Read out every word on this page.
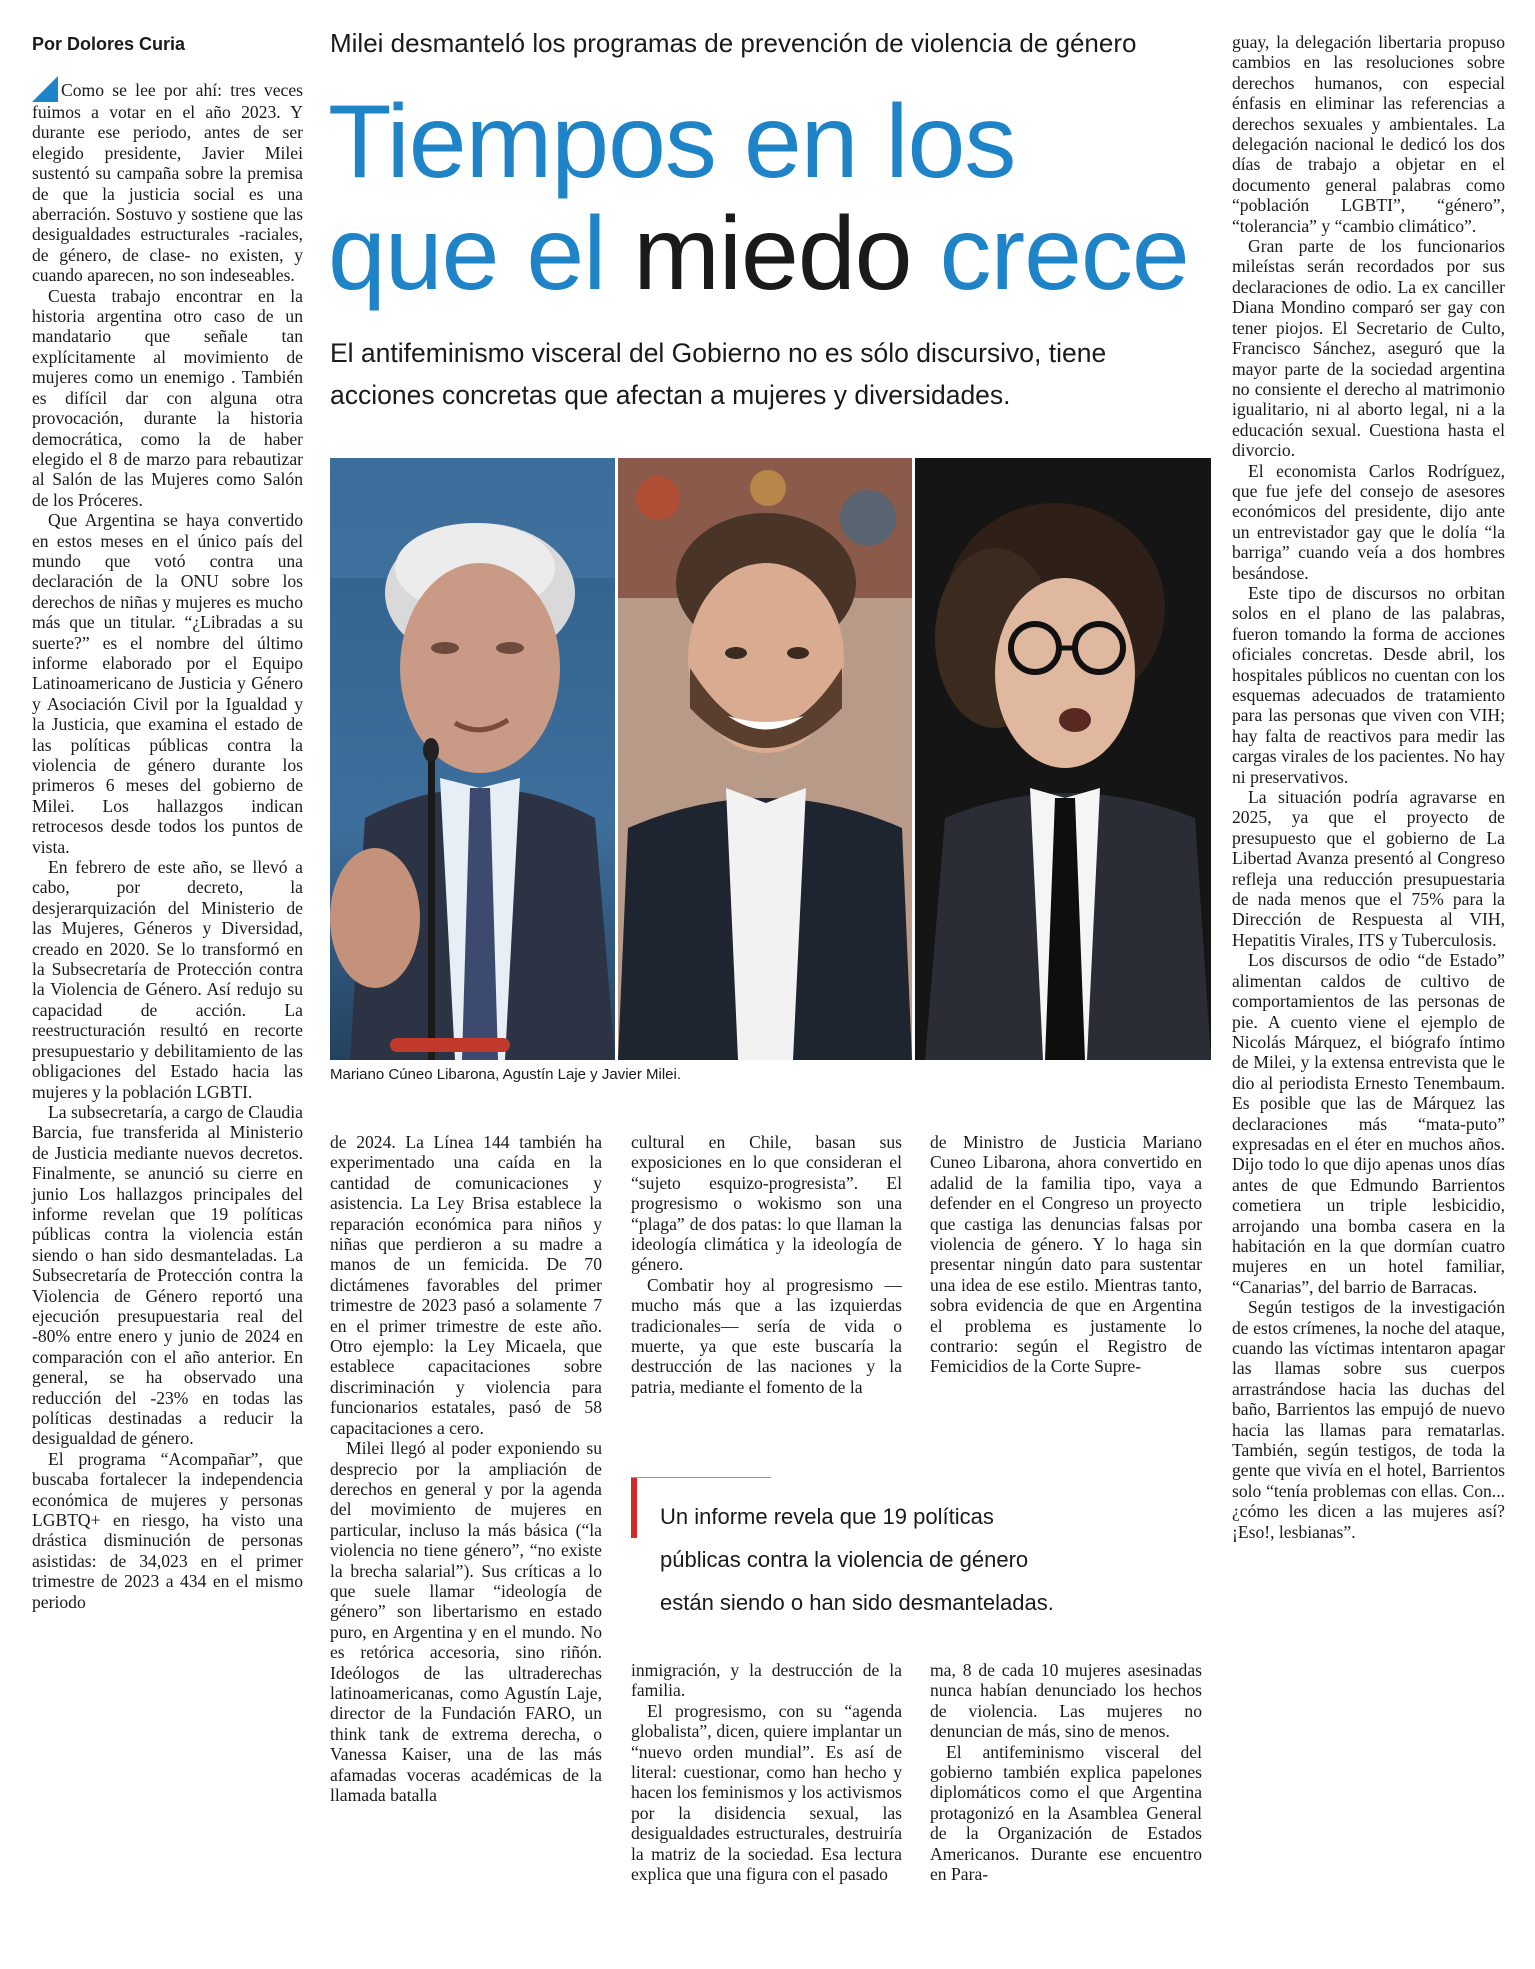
Por Dolores Curia

Como se lee por ahí: tres veces fuimos a votar en el año 2023. Y durante ese periodo, antes de ser elegido presidente, Javier Milei sustentó su campaña sobre la premisa de que la justicia social es una aberración. Sostuvo y sostiene que las desigualdades estructurales -raciales, de género, de clase- no existen, y cuando aparecen, no son indeseables.

Cuesta trabajo encontrar en la historia argentina otro caso de un mandatario que señale tan explícitamente al movimiento de mujeres como un enemigo . También es difícil dar con alguna otra provocación, durante la historia democrática, como la de haber elegido el 8 de marzo para rebautizar al Salón de las Mujeres como Salón de los Próceres.

Que Argentina se haya convertido en estos meses en el único país del mundo que votó contra una declaración de la ONU sobre los derechos de niñas y mujeres es mucho más que un titular. “¿Libradas a su suerte?” es el nombre del último informe elaborado por el Equipo Latinoamericano de Justicia y Género y Asociación Civil por la Igualdad y la Justicia, que examina el estado de las políticas públicas contra la violencia de género durante los primeros 6 meses del gobierno de Milei. Los hallazgos indican retrocesos desde todos los puntos de vista.

En febrero de este año, se llevó a cabo, por decreto, la desjerarquización del Ministerio de las Mujeres, Géneros y Diversidad, creado en 2020. Se lo transformó en la Subsecretaría de Protección contra la Violencia de Género. Así redujo su capacidad de acción. La reestructuración resultó en recorte presupuestario y debilitamiento de las obligaciones del Estado hacia las mujeres y la población LGBTI.

La subsecretaría, a cargo de Claudia Barcia, fue transferida al Ministerio de Justicia mediante nuevos decretos. Finalmente, se anunció su cierre en junio Los hallazgos principales del informe revelan que 19 políticas públicas contra la violencia están siendo o han sido desmanteladas. La Subsecretaría de Protección contra la Violencia de Género reportó una ejecución presupuestaria real del -80% entre enero y junio de 2024 en comparación con el año anterior. En general, se ha observado una reducción del -23% en todas las políticas destinadas a reducir la desigualdad de género.

El programa “Acompañar”, que buscaba fortalecer la independencia económica de mujeres y personas LGBTQ+ en riesgo, ha visto una drástica disminución de personas asistidas: de 34,023 en el primer trimestre de 2023 a 434 en el mismo periodo

Milei desmanteló los programas de prevención de violencia de género
Tiempos en los
que el miedo crece
El antifeminismo visceral del Gobierno no es sólo discursivo, tiene acciones concretas que afectan a mujeres y diversidades.
Mariano Cúneo Libarona, Agustín Laje y Javier Milei.

de 2024. La Línea 144 también ha experimentado una caída en la cantidad de comunicaciones y asistencia. La Ley Brisa establece la reparación económica para niños y niñas que perdieron a su madre a manos de un femicida. De 70 dictámenes favorables del primer trimestre de 2023 pasó a solamente 7 en el primer trimestre de este año. Otro ejemplo: la Ley Micaela, que establece capacitaciones sobre discriminación y violencia para funcionarios estatales, pasó de 58 capacitaciones a cero.

Milei llegó al poder exponiendo su desprecio por la ampliación de derechos en general y por la agenda del movimiento de mujeres en particular, incluso la más básica (“la violencia no tiene género”, “no existe la brecha salarial”). Sus críticas a lo que suele llamar “ideología de género” son libertarismo en estado puro, en Argentina y en el mundo. No es retórica accesoria, sino riñón. Ideólogos de las ultraderechas latinoamericanas, como Agustín Laje, director de la Fundación FARO, un think tank de extrema derecha, o Vanessa Kaiser, una de las más afamadas voceras académicas de la llamada batalla

cultural en Chile, basan sus exposiciones en lo que consideran el “sujeto esquizo-progresista”. El progresismo o wokismo son una “plaga” de dos patas: lo que llaman la ideología climática y la ideología de género.

Combatir hoy al progresismo —mucho más que a las izquierdas tradicionales— sería de vida o muerte, ya que este buscaría la destrucción de las naciones y la patria, mediante el fomento de la

de Ministro de Justicia Mariano Cuneo Libarona, ahora convertido en adalid de la familia tipo, vaya a defender en el Congreso un proyecto que castiga las denuncias falsas por violencia de género. Y lo haga sin presentar ningún dato para sustentar una idea de ese estilo. Mientras tanto, sobra evidencia de que en Argentina el problema es justamente lo contrario: según el Registro de Femicidios de la Corte Supre-

Un informe revela que 19 políticas
públicas contra la violencia de género
están siendo o han sido desmanteladas.

inmigración, y la destrucción de la familia.

El progresismo, con su “agenda globalista”, dicen, quiere implantar un “nuevo orden mundial”. Es así de literal: cuestionar, como han hecho y hacen los feminismos y los activismos por la disidencia sexual, las desigualdades estructurales, destruiría la matriz de la sociedad. Esa lectura explica que una figura con el pasado

ma, 8 de cada 10 mujeres asesinadas nunca habían denunciado los hechos de violencia. Las mujeres no denuncian de más, sino de menos.

El antifeminismo visceral del gobierno también explica papelones diplomáticos como el que Argentina protagonizó en la Asamblea General de la Organización de Estados Americanos. Durante ese encuentro en Para-

guay, la delegación libertaria propuso cambios en las resoluciones sobre derechos humanos, con especial énfasis en eliminar las referencias a derechos sexuales y ambientales. La delegación nacional le dedicó los dos días de trabajo a objetar en el documento general palabras como “población LGBTI”, “género”, “tolerancia” y “cambio climático”.

Gran parte de los funcionarios mileístas serán recordados por sus declaraciones de odio. La ex canciller Diana Mondino comparó ser gay con tener piojos. El Secretario de Culto, Francisco Sánchez, aseguró que la mayor parte de la sociedad argentina no consiente el derecho al matrimonio igualitario, ni al aborto legal, ni a la educación sexual. Cuestiona hasta el divorcio.

El economista Carlos Rodríguez, que fue jefe del consejo de asesores económicos del presidente, dijo ante un entrevistador gay que le dolía “la barriga” cuando veía a dos hombres besándose.

Este tipo de discursos no orbitan solos en el plano de las palabras, fueron tomando la forma de acciones oficiales concretas. Desde abril, los hospitales públicos no cuentan con los esquemas adecuados de tratamiento para las personas que viven con VIH; hay falta de reactivos para medir las cargas virales de los pacientes. No hay ni preservativos.

La situación podría agravarse en 2025, ya que el proyecto de presupuesto que el gobierno de La Libertad Avanza presentó al Congreso refleja una reducción presupuestaria de nada menos que el 75% para la Dirección de Respuesta al VIH, Hepatitis Virales, ITS y Tuberculosis.

Los discursos de odio “de Estado” alimentan caldos de cultivo de comportamientos de las personas de pie. A cuento viene el ejemplo de Nicolás Márquez, el biógrafo íntimo de Milei, y la extensa entrevista que le dio al periodista Ernesto Tenembaum. Es posible que las de Márquez las declaraciones más “mata-puto” expresadas en el éter en muchos años. Dijo todo lo que dijo apenas unos días antes de que Edmundo Barrientos cometiera un triple lesbicidio, arrojando una bomba casera en la habitación en la que dormían cuatro mujeres en un hotel familiar, “Canarias”, del barrio de Barracas.

Según testigos de la investigación de estos crímenes, la noche del ataque, cuando las víctimas intentaron apagar las llamas sobre sus cuerpos arrastrándose hacia las duchas del baño, Barrientos las empujó de nuevo hacia las llamas para rematarlas. También, según testigos, de toda la gente que vivía en el hotel, Barrientos solo “tenía problemas con ellas. Con... ¿cómo les dicen a las mujeres así? ¡Eso!, lesbianas”.
